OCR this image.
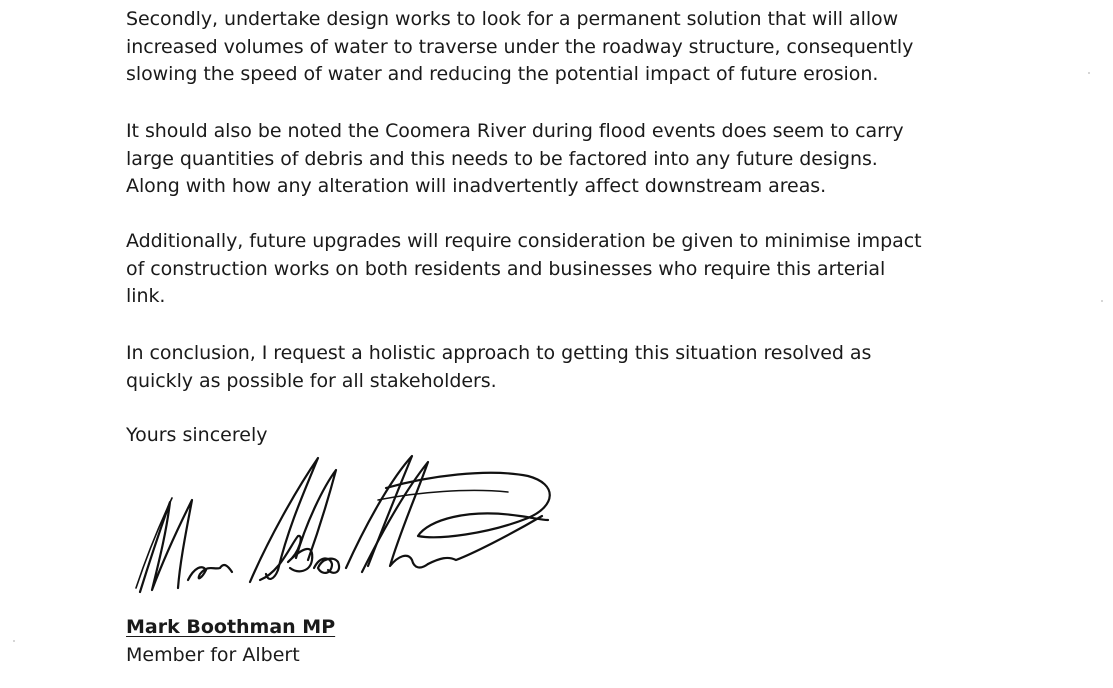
Secondly, undertake design works to look for a permanent solution that will allow
increased volumes of water to traverse under the roadway structure, consequently
slowing the speed of water and reducing the potential impact of future erosion.

It should also be noted the Coomera River during flood events does seem to carry
large quantities of debris and this needs to be factored into any future designs.
Along with how any alteration will inadvertently affect downstream areas.

Additionally, future upgrades will require consideration be given to minimise impact
of construction works on both residents and businesses who require this arterial
link.

In conclusion, I request a holistic approach to getting this situation resolved as
quickly as possible for all stakeholders.

Yours sincerely

Mark Boothman MP

Member for Albert
